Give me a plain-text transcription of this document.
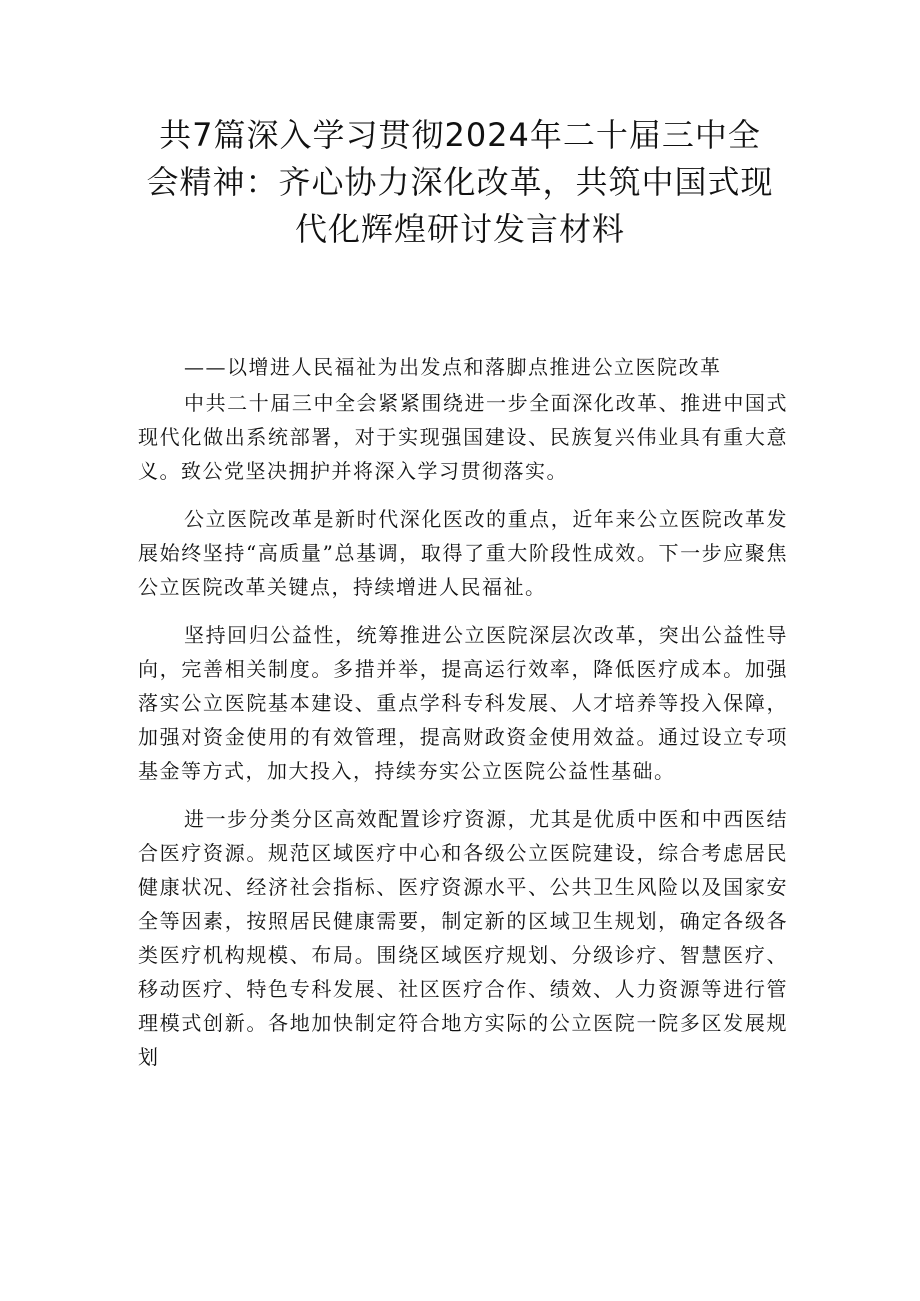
共7篇深入学习贯彻2024年二十届三中全
会精神：齐心协力深化改革，共筑中国式现
代化辉煌研讨发言材料

——以增进人民福祉为出发点和落脚点推进公立医院改革

中共二十届三中全会紧紧围绕进一步全面深化改革、推进中国式现代化做出系统部署，对于实现强国建设、民族复兴伟业具有重大意义。致公党坚决拥护并将深入学习贯彻落实。

公立医院改革是新时代深化医改的重点，近年来公立医院改革发展始终坚持“高质量”总基调，取得了重大阶段性成效。下一步应聚焦公立医院改革关键点，持续增进人民福祉。

坚持回归公益性，统筹推进公立医院深层次改革，突出公益性导向，完善相关制度。多措并举，提高运行效率，降低医疗成本。加强落实公立医院基本建设、重点学科专科发展、人才培养等投入保障，加强对资金使用的有效管理，提高财政资金使用效益。通过设立专项基金等方式，加大投入，持续夯实公立医院公益性基础。

进一步分类分区高效配置诊疗资源，尤其是优质中医和中西医结合医疗资源。规范区域医疗中心和各级公立医院建设，综合考虑居民健康状况、经济社会指标、医疗资源水平、公共卫生风险以及国家安全等因素，按照居民健康需要，制定新的区域卫生规划，确定各级各类医疗机构规模、布局。围绕区域医疗规划、分级诊疗、智慧医疗、移动医疗、特色专科发展、社区医疗合作、绩效、人力资源等进行管理模式创新。各地加快制定符合地方实际的公立医院一院多区发展规划
